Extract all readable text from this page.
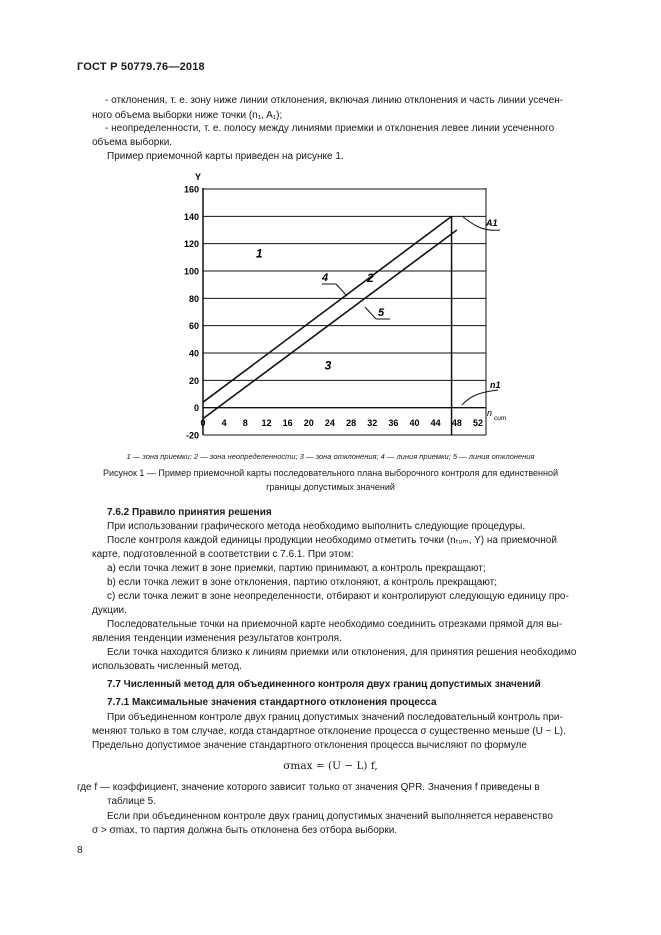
ГОСТ Р 50779.76—2018
- отклонения, т. е. зону ниже линии отклонения, включая линию отклонения и часть линии усечен-
ного объема выборки ниже точки (n₁, A₁);
- неопределенности, т. е. полосу между линиями приемки и отклонения левее линии усеченного
объема выборки.
Пример приемочной карты приведен на рисунке 1.
-20
0
20
40
60
80
100
120
140
160
0 4 8 12 16 20 24 28 32 36 40 44 48 52
Y
1
2
3
4
5
A1
n1
n
cum
1 — зона приемки; 2 — зона неопределенности; 3 — зона отклонения; 4 — линия приемки; 5 — линия отклонения
Рисунок 1 — Пример приемочной карты последовательного плана выборочного контроля для единственной
границы допустимых значений
7.6.2 Правило принятия решения
При использовании графического метода необходимо выполнить следующие процедуры.
После контроля каждой единицы продукции необходимо отметить точки (nₜᵤₘ, Y) на приемочной
карте, подготовленной в соответствии с 7.6.1. При этом:
a) если точка лежит в зоне приемки, партию принимают, а контроль прекращают;
b) если точка лежит в зоне отклонения, партию отклоняют, а контроль прекращают;
c) если точка лежит в зоне неопределенности, отбирают и контролируют следующую единицу про-
дукции.
Последовательные точки на приемочной карте необходимо соединить отрезками прямой для вы-
явления тенденции изменения результатов контроля.
Если точка находится близко к линиям приемки или отклонения, для принятия решения необходимо
использовать численный метод.
7.7 Численный метод для объединенного контроля двух границ допустимых значений
7.7.1 Максимальные значения стандартного отклонения процесса
При объединенном контроле двух границ допустимых значений последовательный контроль при-
меняют только в том случае, когда стандартное отклонение процесса σ существенно меньше (U − L).
Предельно допустимое значение стандартного отклонения процесса вычисляют по формуле
σmax = (U − L) f,
где f — коэффициент, значение которого зависит только от значения QPR. Значения f приведены в
таблице 5.
Если при объединенном контроле двух границ допустимых значений выполняется неравенство
σ > σmax, то партия должна быть отклонена без отбора выборки.
8
